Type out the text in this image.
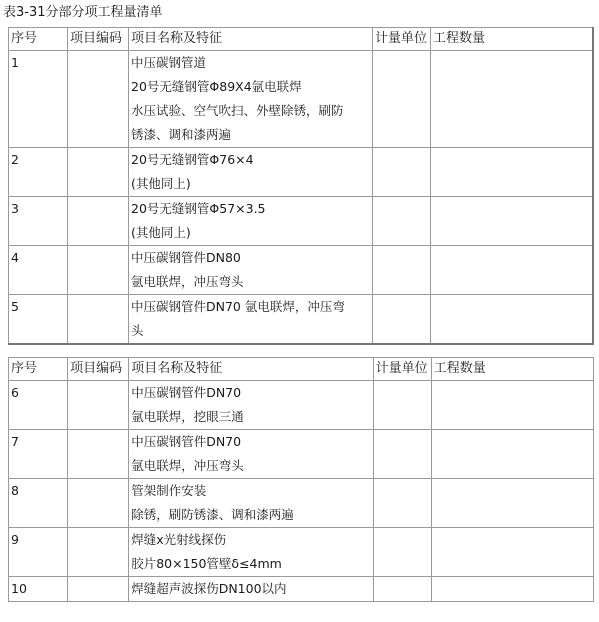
表3-31分部分项工程量清单
序号	项目编码	项目名称及特征	计量单位	工程数量
1		中压碳钢管道
20号无缝钢管Φ89X4氩电联焊
水压试验、空气吹扫、外壁除锈，刷防
锈漆、调和漆两遍		

2		20号无缝钢管Φ76×4
(其他同上)		

3		20号无缝钢管Φ57×3.5
(其他同上)		

4		中压碳钢管件DN80
氩电联焊，冲压弯头		

5		中压碳钢管件DN70 氩电联焊，冲压弯
头		

序号	项目编码	项目名称及特征	计量单位	工程数量
6		中压碳钢管件DN70
氩电联焊，挖眼三通		

7		中压碳钢管件DN70
氩电联焊，冲压弯头		

8		管架制作安装
除锈，刷防锈漆、调和漆两遍		

9		焊缝x光射线探伤
胶片80×150管壁δ≤4mm		

10		焊缝超声波探伤DN100以内		
